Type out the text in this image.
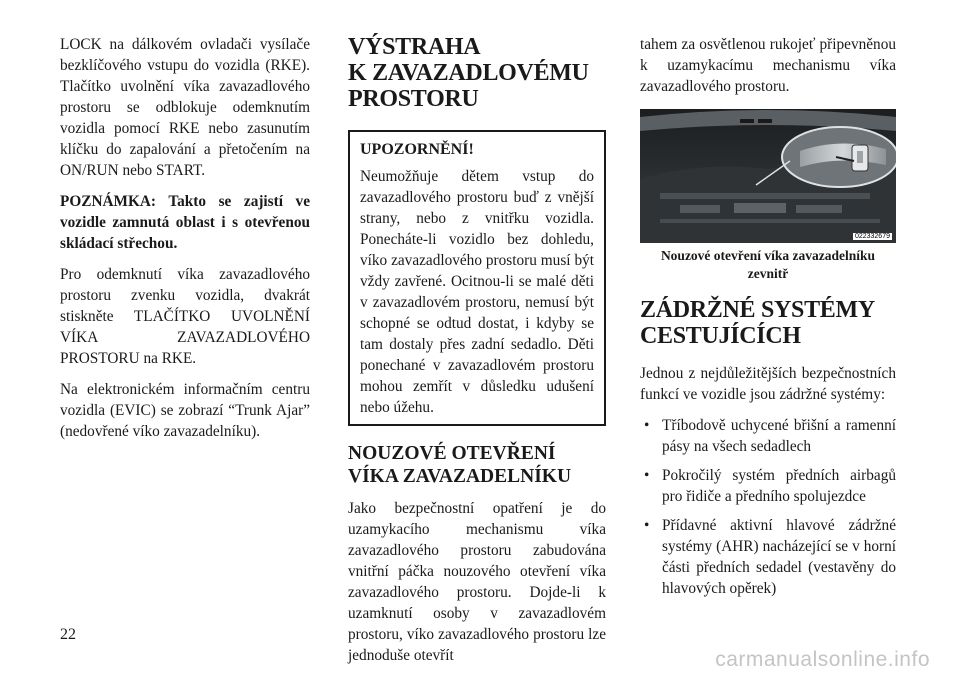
LOCK na dálkovém ovladači vysílače bezklíčového vstupu do vozidla (RKE). Tlačítko uvolnění víka zavazadlového prostoru se odblokuje odemknutím vozidla pomocí RKE nebo zasunutím klíčku do zapalování a přetočením na ON/RUN nebo START.

POZNÁMKA: Takto se zajistí ve vozidle zamnutá oblast i s otevřenou skládací střechou.

Pro odemknutí víka zavazadlového prostoru zvenku vozidla, dvakrát stiskněte TLAČÍTKO UVOLNĚNÍ VÍKA ZAVAZADLOVÉHO PROSTORU na RKE.

Na elektronickém informačním centru vozidla (EVIC) se zobrazí “Trunk Ajar” (nedovřené víko zavazadelníku).

VÝSTRAHA
K ZAVAZADLOVÉMU
PROSTORU
UPOZORNĚNÍ!

Neumožňuje dětem vstup do zavazadlového prostoru buď z vnější strany, nebo z vnitřku vozidla. Ponecháte-li vozidlo bez dohledu, víko zavazadlového prostoru musí být vždy zavřené. Ocitnou-li se malé děti v zavazadlovém prostoru, nemusí být schopné se odtud dostat, i kdyby se tam dostaly přes zadní sedadlo. Děti ponechané v zavazadlovém prostoru mohou zemřít v důsledku udušení nebo úžehu.

NOUZOVÉ OTEVŘENÍ
VÍKA ZAVAZADELNÍKU

Jako bezpečnostní opatření je do uzamykacího mechanismu víka zavazadlového prostoru zabudována vnitřní páčka nouzového otevření víka zavazadlového prostoru. Dojde-li k uzamknutí osoby v zavazadlovém prostoru, víko zavazadlového prostoru lze jednoduše otevřít

tahem za osvětlenou rukojeť připevněnou k uzamykacímu mechanismu víka zavazadlového prostoru.

022332679
Nouzové otevření víka zavazadelníku zevnitř
ZÁDRŽNÉ SYSTÉMY
CESTUJÍCÍCH

Jednou z nejdůležitějších bezpečnostních funkcí ve vozidle jsou zádržné systémy:

• Tříbodově uchycené břišní a ramenní pásy na všech sedadlech
• Pokročilý systém předních airbagů pro řidiče a předního spolujezdce
• Přídavné aktivní hlavové zádržné systémy (AHR) nacházející se v horní části předních sedadel (vestavěny do hlavových opěrek)
22
carmanualsonline.info
